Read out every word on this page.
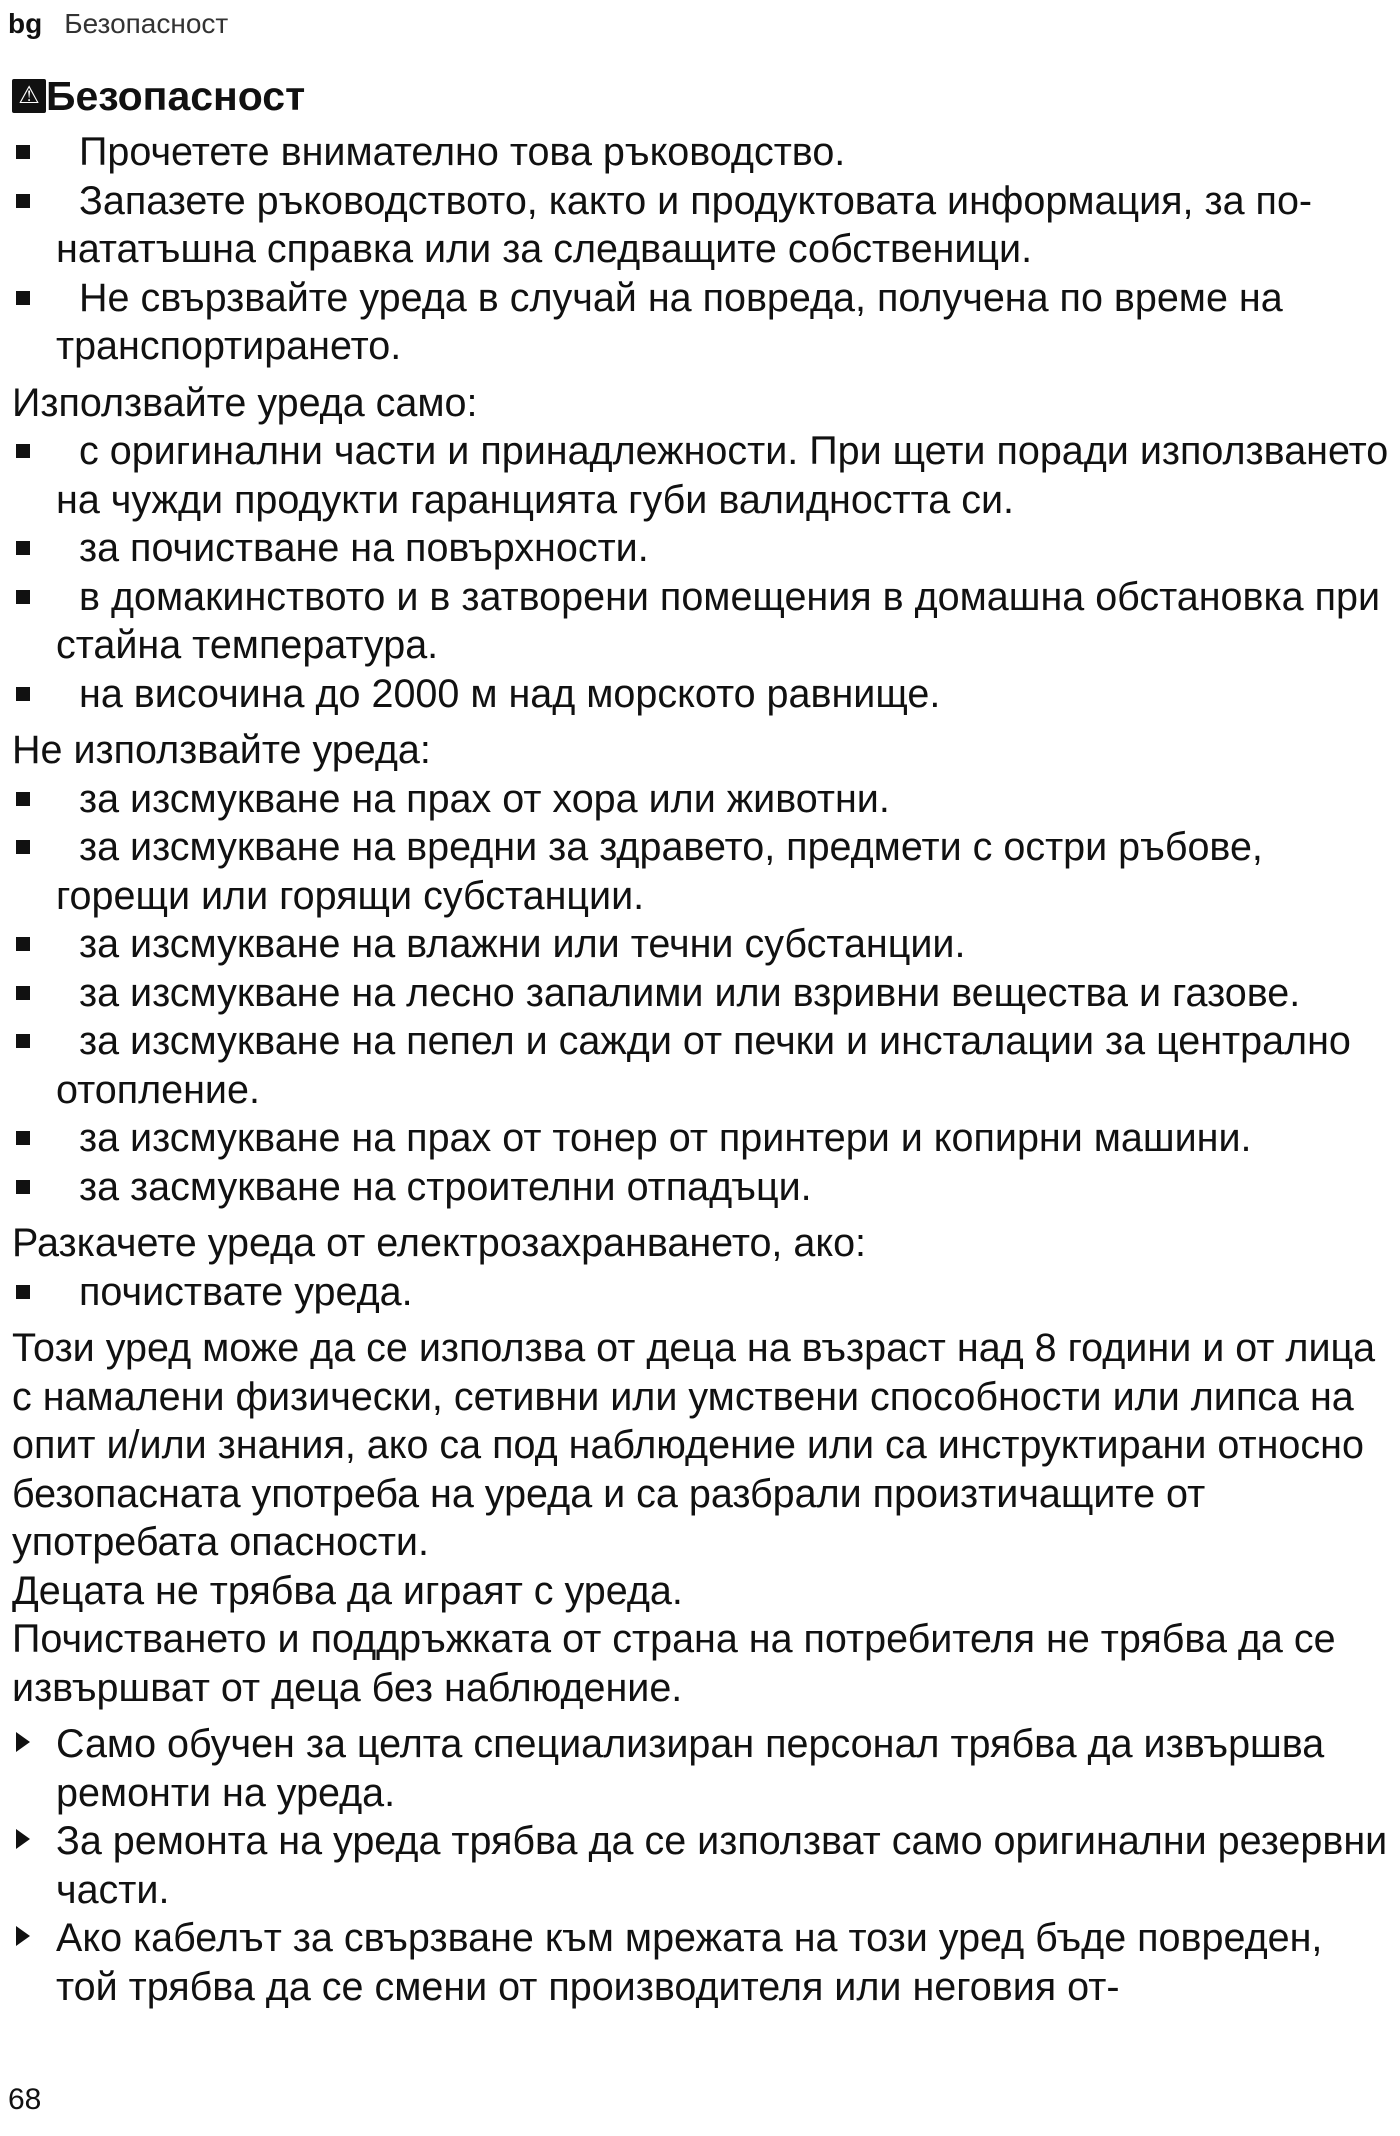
bg Безопасност
⚠ Безопасност
Прочетете внимателно това ръководство.
Запазете ръководството, както и продуктовата информация, за по-нататъшна справка или за следващите собственици.
Не свързвайте уреда в случай на повреда, получена по време на транспортирането.
Използвайте уреда само:
с оригинални части и принадлежности. При щети поради използването на чужди продукти гаранцията губи валидността си.
за почистване на повърхности.
в домакинството и в затворени помещения в домашна обстановка при стайна температура.
на височина до 2000 м над морското равнище.
Не използвайте уреда:
за изсмукване на прах от хора или животни.
за изсмукване на вредни за здравето, предмети с остри ръбове, горещи или горящи субстанции.
за изсмукване на влажни или течни субстанции.
за изсмукване на лесно запалими или взривни вещества и газове.
за изсмукване на пепел и сажди от печки и инсталации за централно отопление.
за изсмукване на прах от тонер от принтери и копирни машини.
за засмукване на строителни отпадъци.
Разкачете уреда от електрозахранването, ако:
почиствате уреда.
Този уред може да се използва от деца на възраст над 8 години и от лица с намалени физически, сетивни или умствени способности или липса на опит и/или знания, ако са под наблюдение или са инструктирани относно безопасната употреба на уреда и са разбрали произтичащите от употребата опасности.
Децата не трябва да играят с уреда.
Почистването и поддръжката от страна на потребителя не трябва да се извършват от деца без наблюдение.
Само обучен за целта специализиран персонал трябва да извършва ремонти на уреда.
За ремонта на уреда трябва да се използват само оригинални резервни части.
Ако кабелът за свързване към мрежата на този уред бъде повреден, той трябва да се смени от производителя или неговия от-
68
